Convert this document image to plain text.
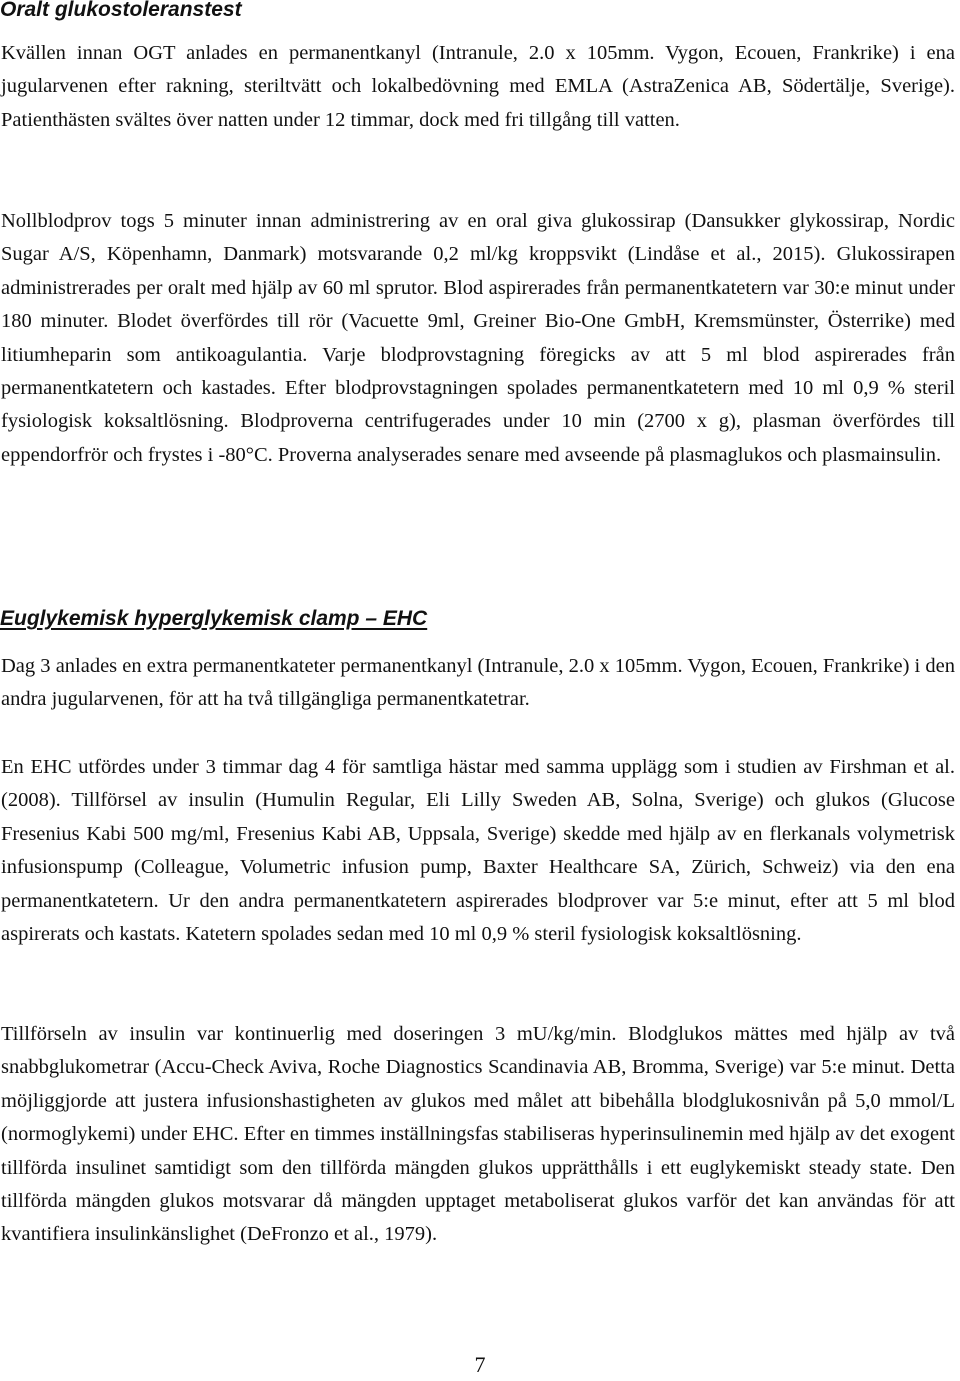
Oralt glukostoleranstest

Kvällen innan OGT anlades en permanentkanyl (Intranule, 2.0 x 105mm. Vygon, Ecouen, Frankrike) i ena jugularvenen efter rakning, steriltvätt och lokalbedövning med EMLA (AstraZenica AB, Södertälje, Sverige). Patienthästen svältes över natten under 12 timmar, dock med fri tillgång till vatten.

Nollblodprov togs 5 minuter innan administrering av en oral giva glukossirap (Dansukker glykossirap, Nordic Sugar A/S, Köpenhamn, Danmark) motsvarande 0,2 ml/kg kroppsvikt (Lindåse et al., 2015). Glukossirapen administrerades per oralt med hjälp av 60 ml sprutor. Blod aspirerades från permanentkatetern var 30:e minut under 180 minuter. Blodet överfördes till rör (Vacuette 9ml, Greiner Bio-One GmbH, Kremsmünster, Österrike) med litiumheparin som antikoagulantia. Varje blodprovstagning föregicks av att 5 ml blod aspirerades från permanentkatetern och kastades. Efter blodprovstagningen spolades permanentkatetern med 10 ml 0,9 % steril fysiologisk koksaltlösning. Blodproverna centrifugerades under 10 min (2700 x g), plasman överfördes till eppendorfrör och frystes i -80°C. Proverna analyserades senare med avseende på plasmaglukos och plasmainsulin.

Euglykemisk hyperglykemisk clamp – EHC

Dag 3 anlades en extra permanentkateter permanentkanyl (Intranule, 2.0 x 105mm. Vygon, Ecouen, Frankrike) i den andra jugularvenen, för att ha två tillgängliga permanentkatetrar.

En EHC utfördes under 3 timmar dag 4 för samtliga hästar med samma upplägg som i studien av Firshman et al. (2008). Tillförsel av insulin (Humulin Regular, Eli Lilly Sweden AB, Solna, Sverige) och glukos (Glucose Fresenius Kabi 500 mg/ml, Fresenius Kabi AB, Uppsala, Sverige) skedde med hjälp av en flerkanals volymetrisk infusionspump (Colleague, Volumetric infusion pump, Baxter Healthcare SA, Zürich, Schweiz) via den ena permanentkatetern. Ur den andra permanentkatetern aspirerades blodprover var 5:e minut, efter att 5 ml blod aspirerats och kastats. Katetern spolades sedan med 10 ml 0,9 % steril fysiologisk koksaltlösning.

Tillförseln av insulin var kontinuerlig med doseringen 3 mU/kg/min. Blodglukos mättes med hjälp av två snabbglukometrar (Accu-Check Aviva, Roche Diagnostics Scandinavia AB, Bromma, Sverige) var 5:e minut. Detta möjliggjorde att justera infusionshastigheten av glukos med målet att bibehålla blodglukosnivån på 5,0 mmol/L (normoglykemi) under EHC. Efter en timmes inställningsfas stabiliseras hyperinsulinemin med hjälp av det exogent tillförda insulinet samtidigt som den tillförda mängden glukos upprätthålls i ett euglykemiskt steady state. Den tillförda mängden glukos motsvarar då mängden upptaget metaboliserat glukos varför det kan användas för att kvantifiera insulinkänslighet (DeFronzo et al., 1979).

7
